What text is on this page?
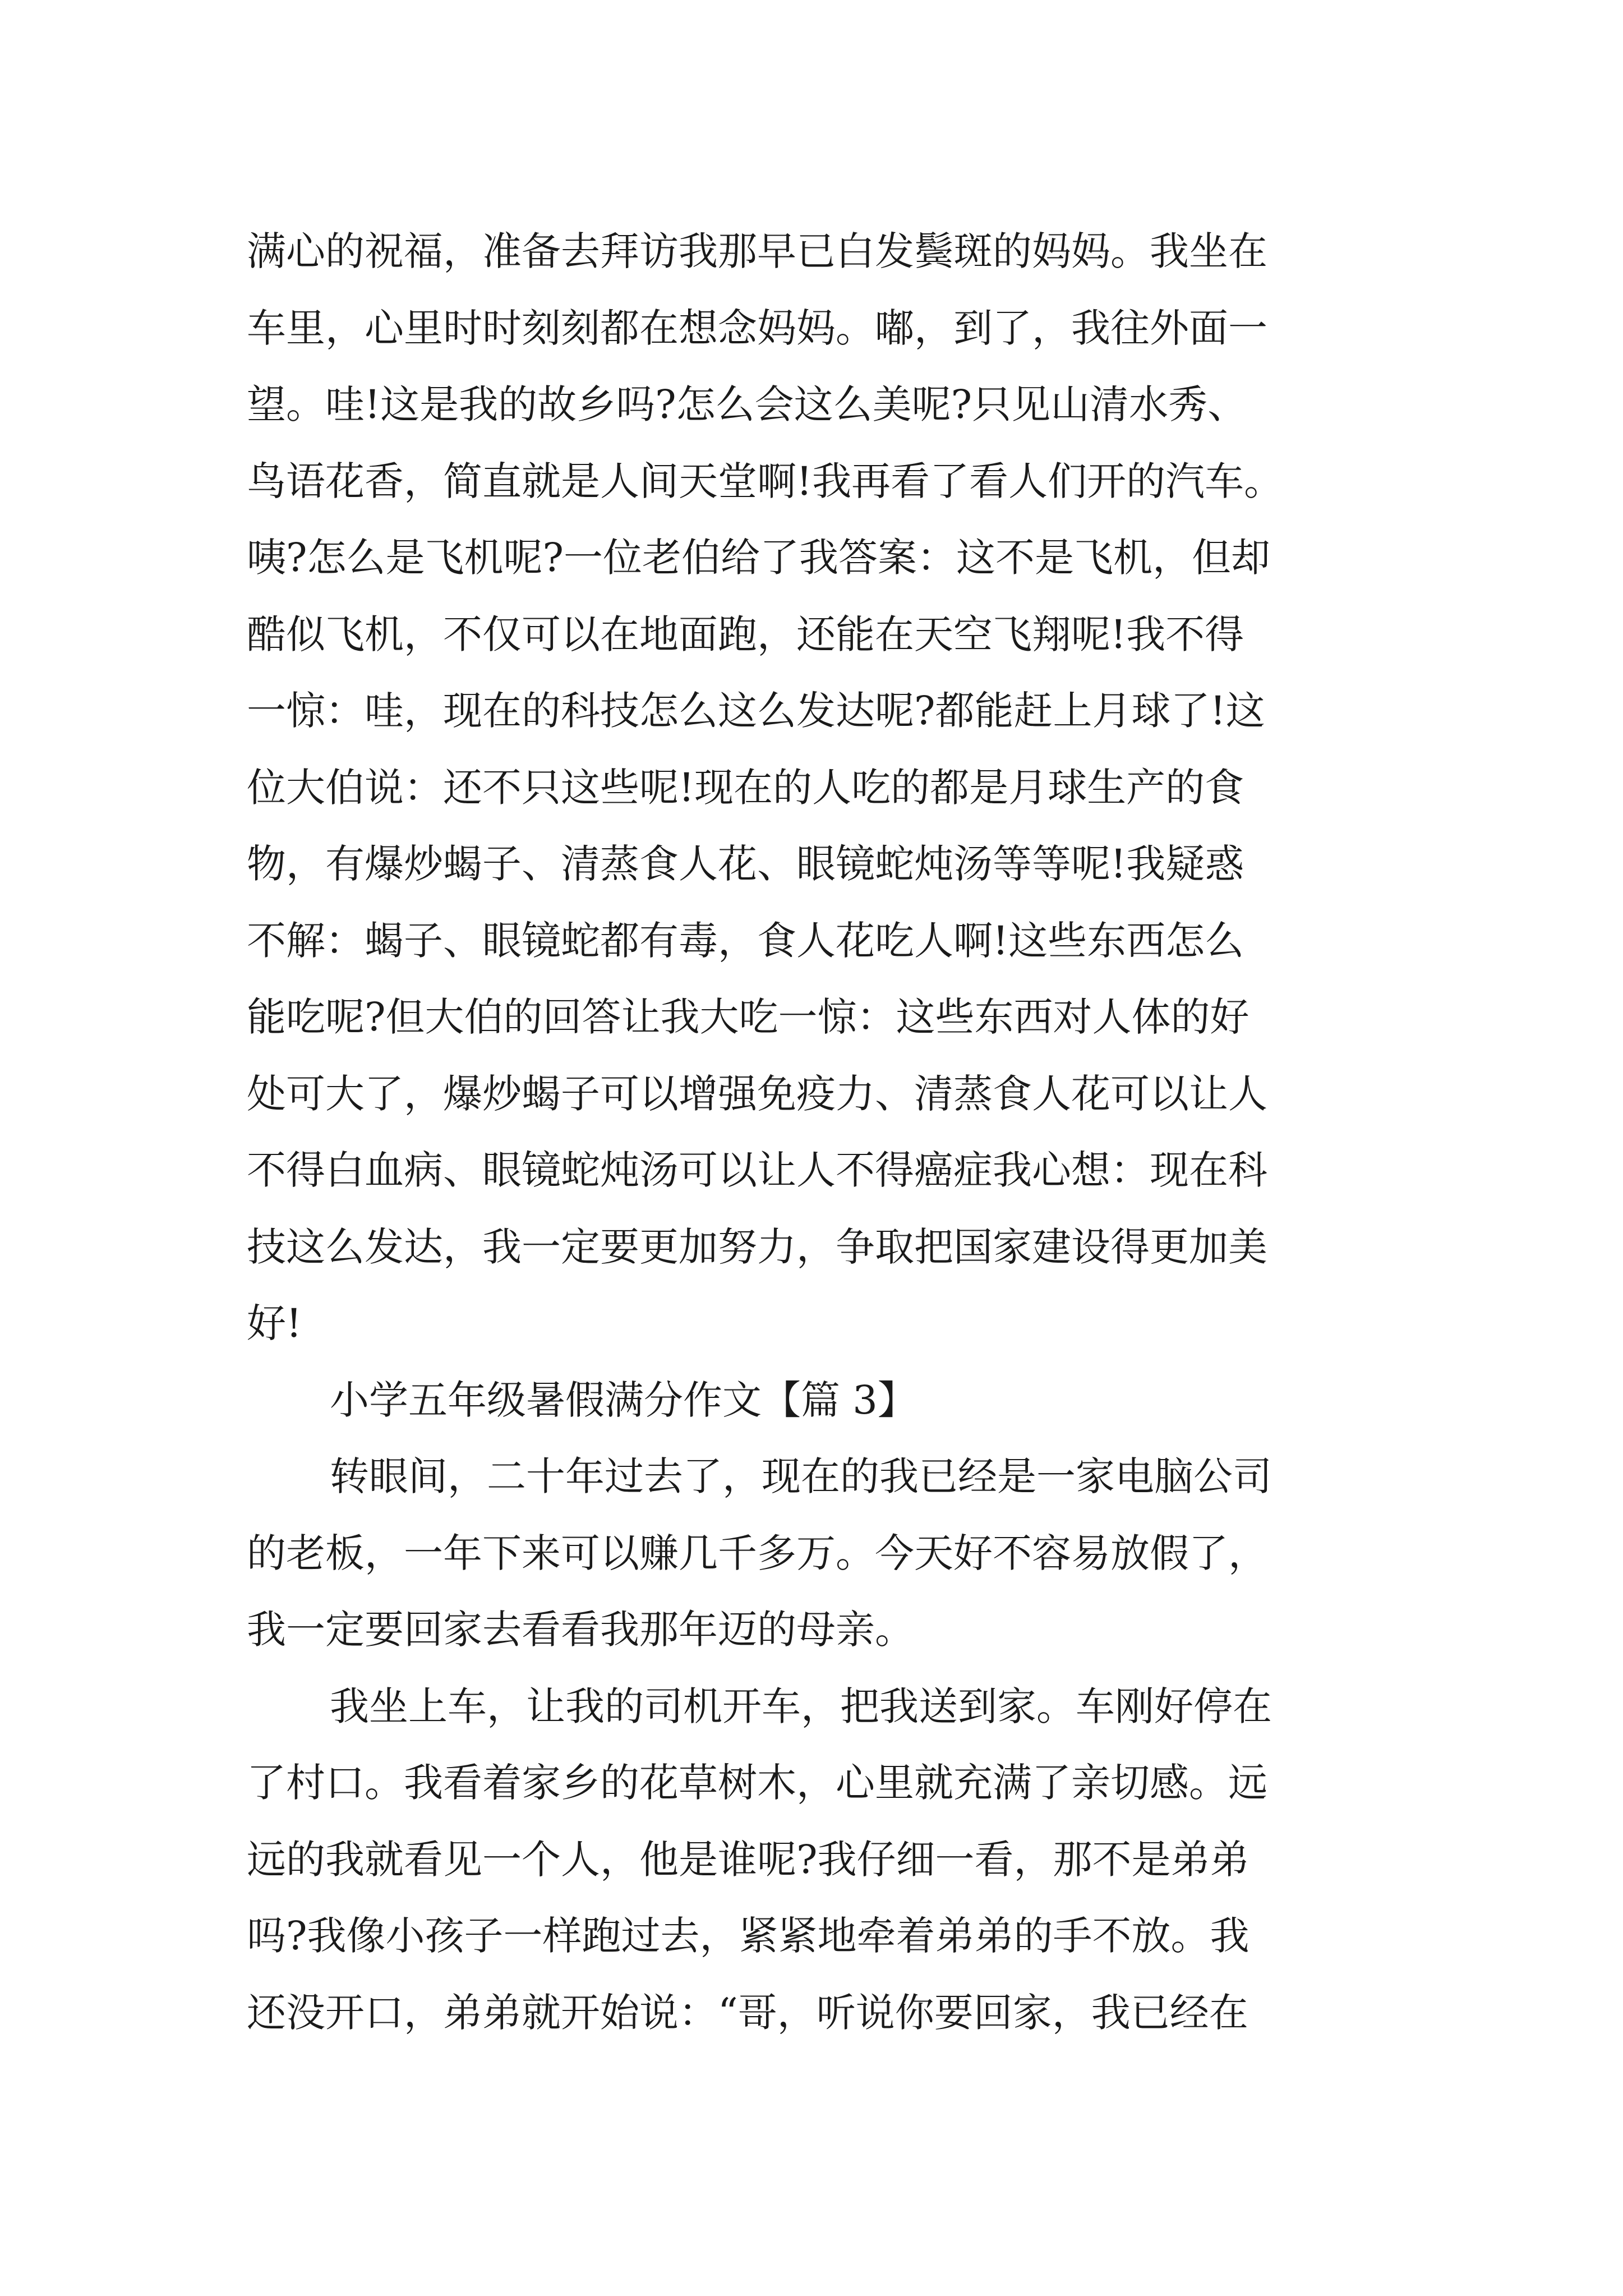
满心的祝福，准备去拜访我那早已白发鬓斑的妈妈。我坐在
车里，心里时时刻刻都在想念妈妈。嘟，到了，我往外面一
望。哇!这是我的故乡吗?怎么会这么美呢?只见山清水秀、
鸟语花香，简直就是人间天堂啊!我再看了看人们开的汽车。
咦?怎么是飞机呢?一位老伯给了我答案：这不是飞机，但却
酷似飞机，不仅可以在地面跑，还能在天空飞翔呢!我不得
一惊：哇，现在的科技怎么这么发达呢?都能赶上月球了!这
位大伯说：还不只这些呢!现在的人吃的都是月球生产的食
物，有爆炒蝎子、清蒸食人花、眼镜蛇炖汤等等呢!我疑惑
不解：蝎子、眼镜蛇都有毒，食人花吃人啊!这些东西怎么
能吃呢?但大伯的回答让我大吃一惊：这些东西对人体的好
处可大了，爆炒蝎子可以增强免疫力、清蒸食人花可以让人
不得白血病、眼镜蛇炖汤可以让人不得癌症我心想：现在科
技这么发达，我一定要更加努力，争取把国家建设得更加美
好!
小学五年级暑假满分作文【篇 3】
转眼间，二十年过去了，现在的我已经是一家电脑公司
的老板，一年下来可以赚几千多万。今天好不容易放假了，
我一定要回家去看看我那年迈的母亲。
我坐上车，让我的司机开车，把我送到家。车刚好停在
了村口。我看着家乡的花草树木，心里就充满了亲切感。远
远的我就看见一个人，他是谁呢?我仔细一看，那不是弟弟
吗?我像小孩子一样跑过去，紧紧地牵着弟弟的手不放。我
还没开口，弟弟就开始说：“哥，听说你要回家，我已经在
